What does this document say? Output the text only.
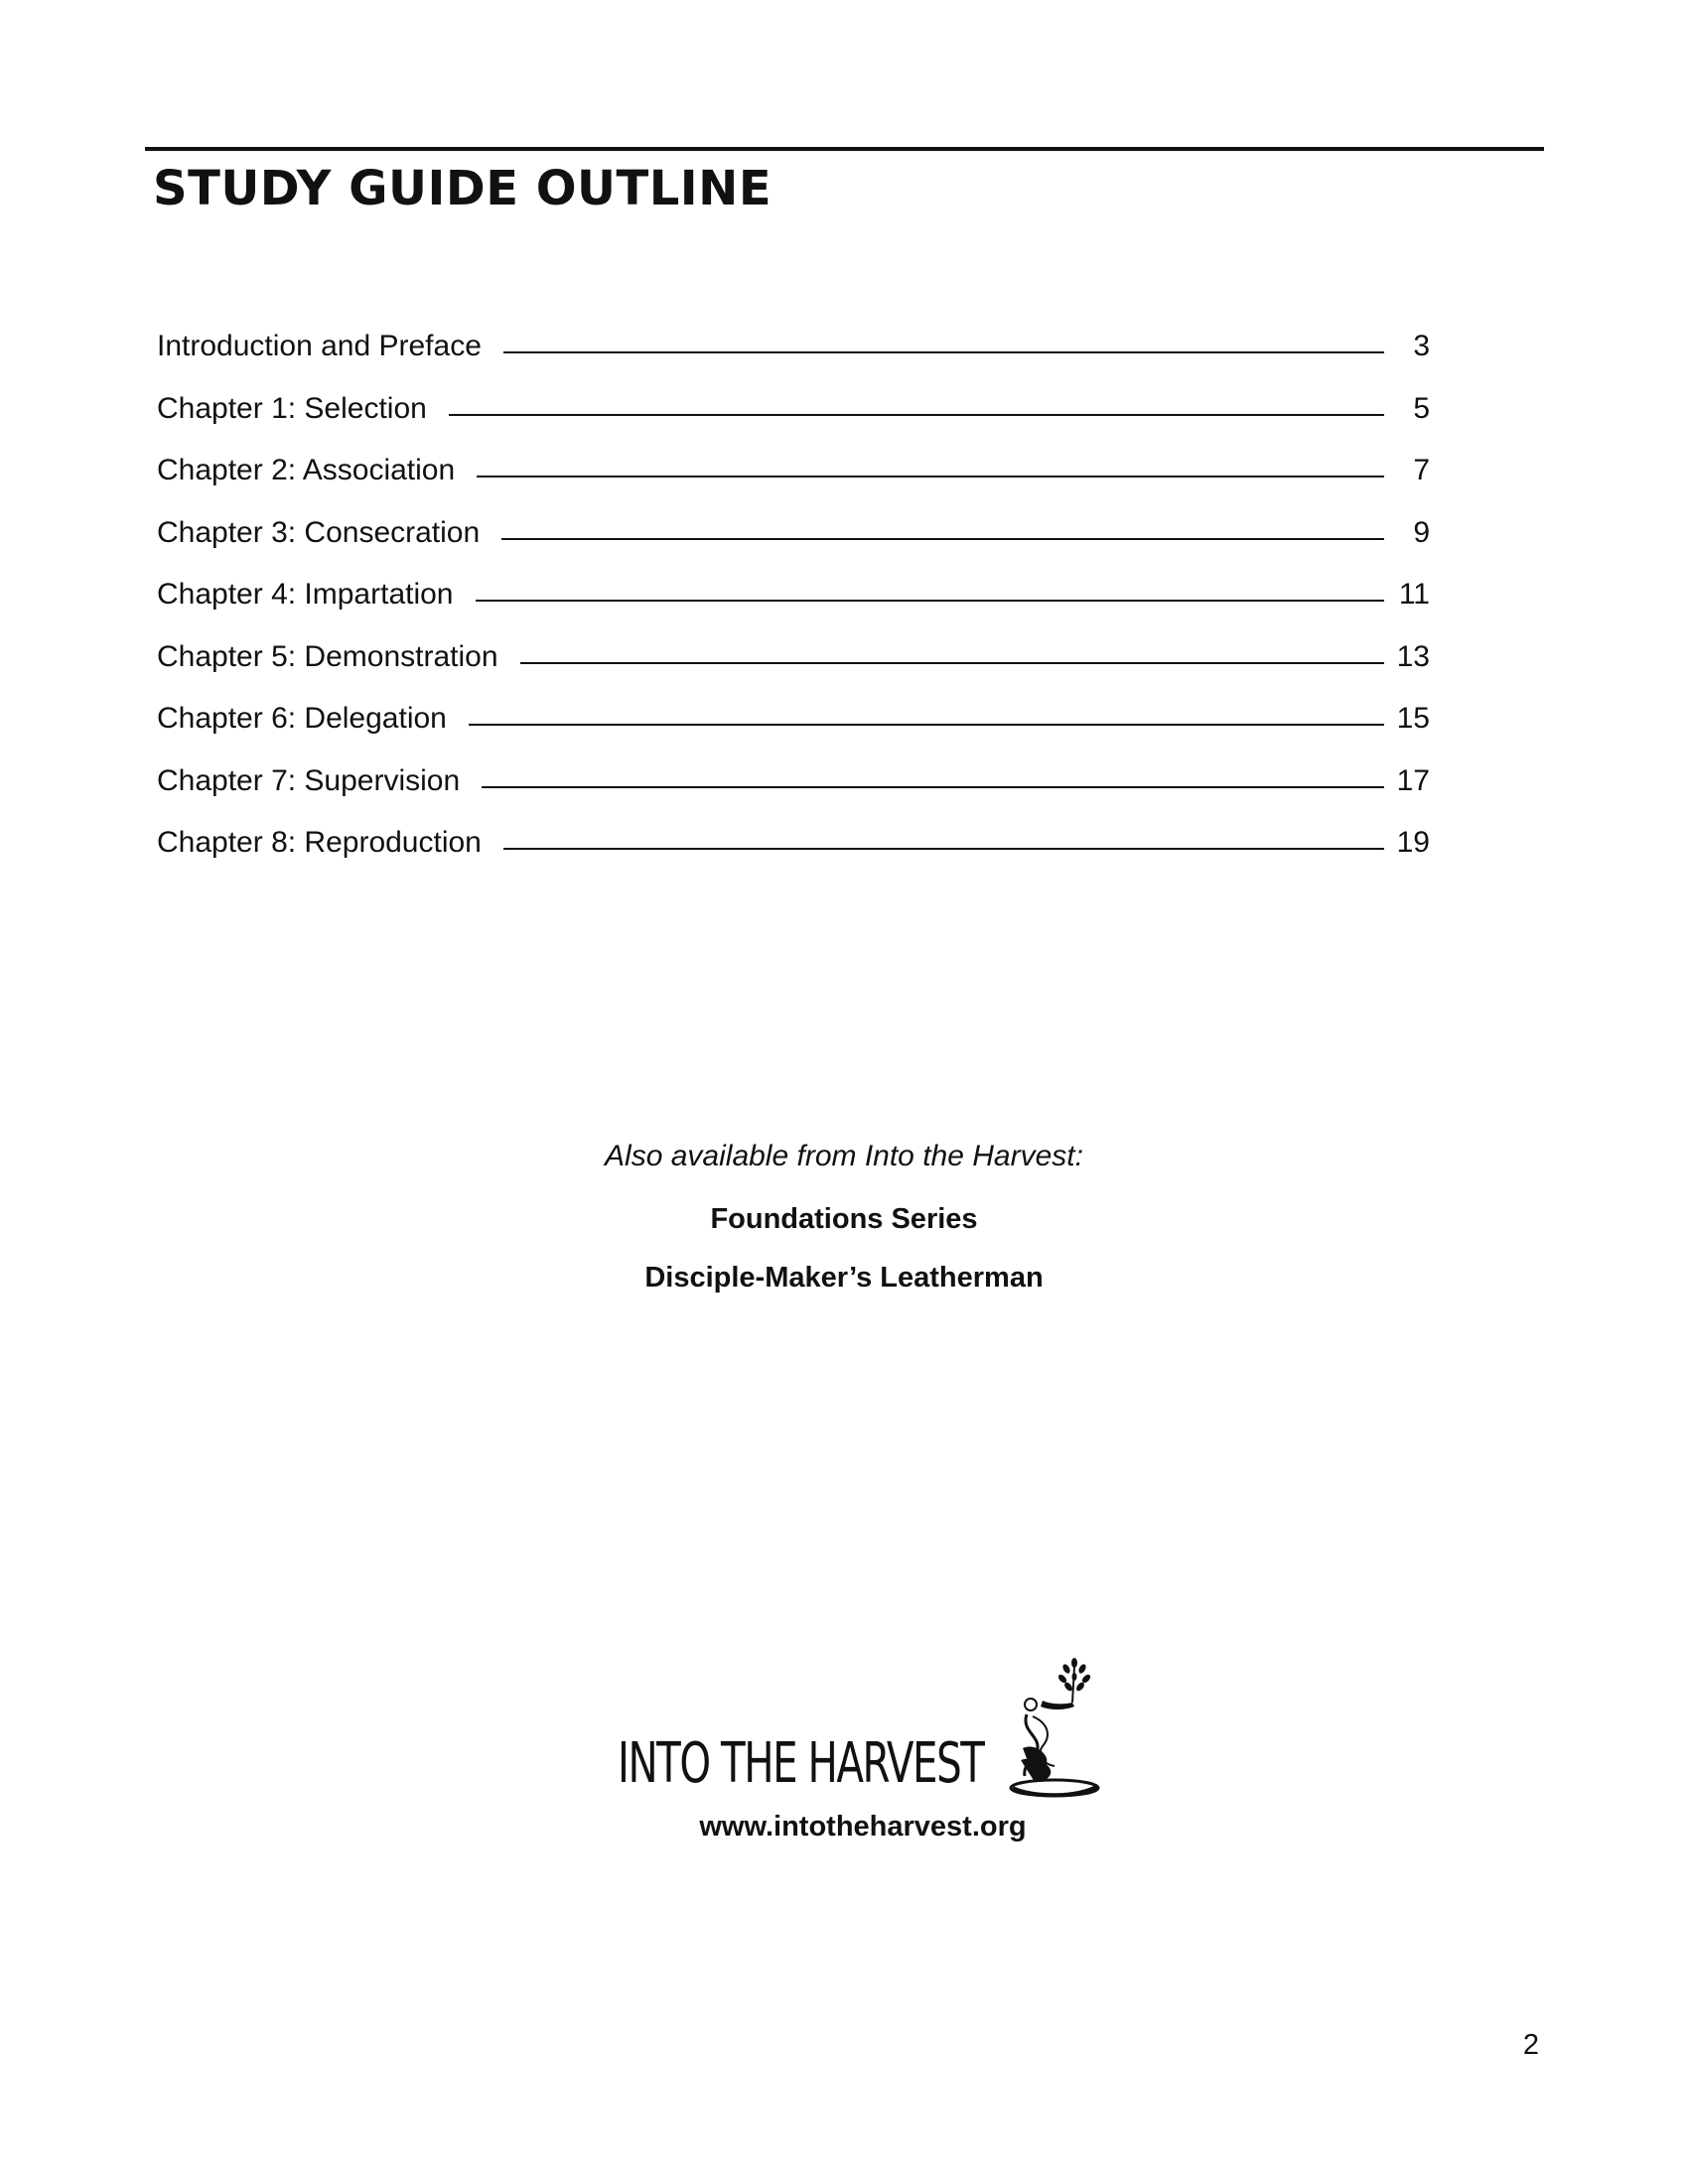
STUDY GUIDE OUTLINE
Introduction and Preface	3
Chapter 1: Selection	5
Chapter 2: Association	7
Chapter 3: Consecration	9
Chapter 4: Impartation	11
Chapter 5: Demonstration	13
Chapter 6: Delegation	15
Chapter 7: Supervision	17
Chapter 8: Reproduction	19
Also available from Into the Harvest:
Foundations Series
Disciple-Maker’s Leatherman
INTO THE HARVEST
www.intotheharvest.org
2
